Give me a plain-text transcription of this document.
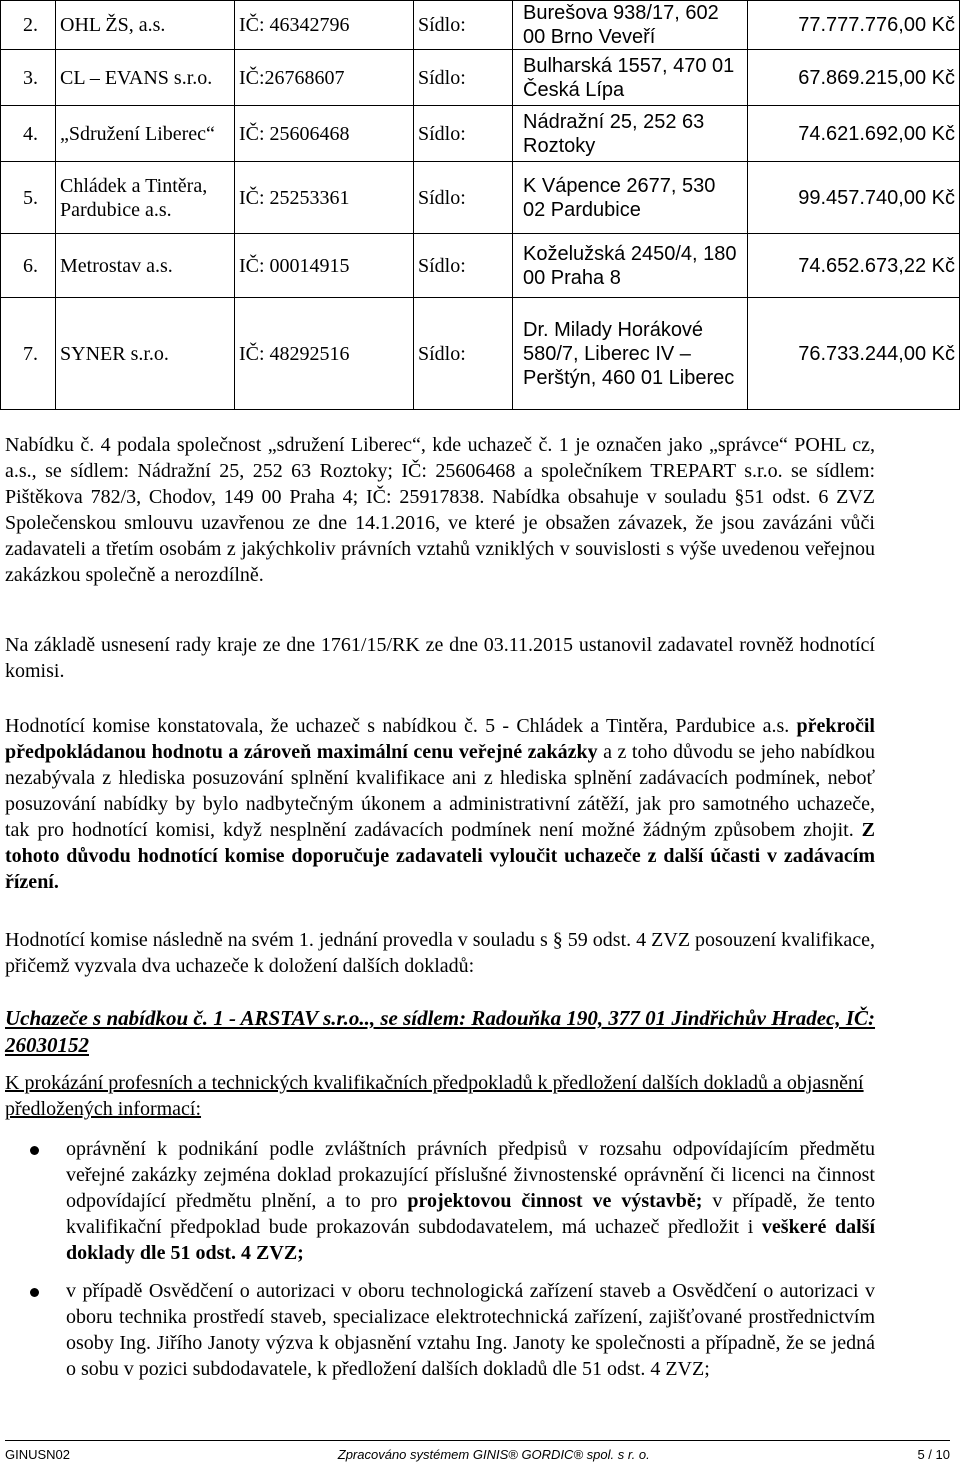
2.	OHL ŽS, a.s.	IČ: 46342796	Sídlo:	Burešova 938/17, 602 00 Brno Veveří	77.777.776,00 Kč
3.	CL – EVANS s.r.o.	IČ:26768607	Sídlo:	Bulharská 1557, 470 01 Česká Lípa	67.869.215,00 Kč
4.	„Sdružení Liberec“	IČ: 25606468	Sídlo:	Nádražní 25, 252 63 Roztoky	74.621.692,00 Kč
5.	Chládek a Tintěra, Pardubice a.s.	IČ: 25253361	Sídlo:	K Vápence 2677, 530 02 Pardubice	99.457.740,00 Kč
6.	Metrostav a.s.	IČ: 00014915	Sídlo:	Koželužská 2450/4, 180 00 Praha 8	74.652.673,22 Kč
7.	SYNER s.r.o.	IČ: 48292516	Sídlo:	Dr. Milady Horákové 580/7, Liberec IV – Perštýn, 460 01 Liberec	76.733.244,00 Kč

Nabídku č. 4 podala společnost „sdružení Liberec“, kde uchazeč č. 1 je označen jako „správce“ POHL cz, a.s., se sídlem: Nádražní 25, 252 63 Roztoky; IČ: 25606468 a společníkem TREPART s.r.o. se sídlem: Pištěkova 782/3, Chodov, 149 00 Praha 4; IČ: 25917838. Nabídka obsahuje v souladu §51 odst. 6 ZVZ Společenskou smlouvu uzavřenou ze dne 14.1.2016, ve které je obsažen závazek, že jsou zavázáni vůči zadavateli a třetím osobám z jakýchkoliv právních vztahů vzniklých v souvislosti s výše uvedenou veřejnou zakázkou společně a nerozdílně.

Na základě usnesení rady kraje ze dne 1761/15/RK ze dne 03.11.2015 ustanovil zadavatel rovněž hodnotící komisi.

Hodnotící komise konstatovala, že uchazeč s nabídkou č. 5 - Chládek a Tintěra, Pardubice a.s. překročil předpokládanou hodnotu a zároveň maximální cenu veřejné zakázky a z toho důvodu se jeho nabídkou nezabývala z hlediska posuzování splnění kvalifikace ani z hlediska splnění zadávacích podmínek, neboť posuzování nabídky by bylo nadbytečným úkonem a administrativní zátěží, jak pro samotného uchazeče, tak pro hodnotící komisi, když nesplnění zadávacích podmínek není možné žádným způsobem zhojit. Z tohoto důvodu hodnotící komise doporučuje zadavateli vyloučit uchazeče z další účasti v zadávacím řízení.

Hodnotící komise následně na svém 1. jednání provedla v souladu s § 59 odst. 4 ZVZ posouzení kvalifikace, přičemž vyzvala dva uchazeče k doložení dalších dokladů:

Uchazeče s nabídkou č. 1 - ARSTAV s.r.o.., se sídlem: Radouňka 190, 377 01 Jindřichův Hradec, IČ: 26030152

K prokázání profesních a technických kvalifikačních předpokladů k předložení dalších dokladů a objasnění předložených informací:

oprávnění k podnikání podle zvláštních právních předpisů v rozsahu odpovídajícím předmětu veřejné zakázky zejména doklad prokazující příslušné živnostenské oprávnění či licenci na činnost odpovídající předmětu plnění, a to pro projektovou činnost ve výstavbě; v případě, že tento kvalifikační předpoklad bude prokazován subdodavatelem, má uchazeč předložit i veškeré další doklady dle 51 odst. 4 ZVZ;
v případě Osvědčení o autorizaci v oboru technologická zařízení staveb a Osvědčení o autorizaci v oboru technika prostředí staveb, specializace elektrotechnická zařízení, zajišťované prostřednictvím osoby Ing. Jiřího Janoty výzva k objasnění vztahu Ing. Janoty ke společnosti a případně, že se jedná o sobu v pozici subdodavatele, k předložení dalších dokladů dle 51 odst. 4 ZVZ;
GINUSN02	Zpracováno systémem GINIS® GORDIC® spol. s r. o.	5 / 10
